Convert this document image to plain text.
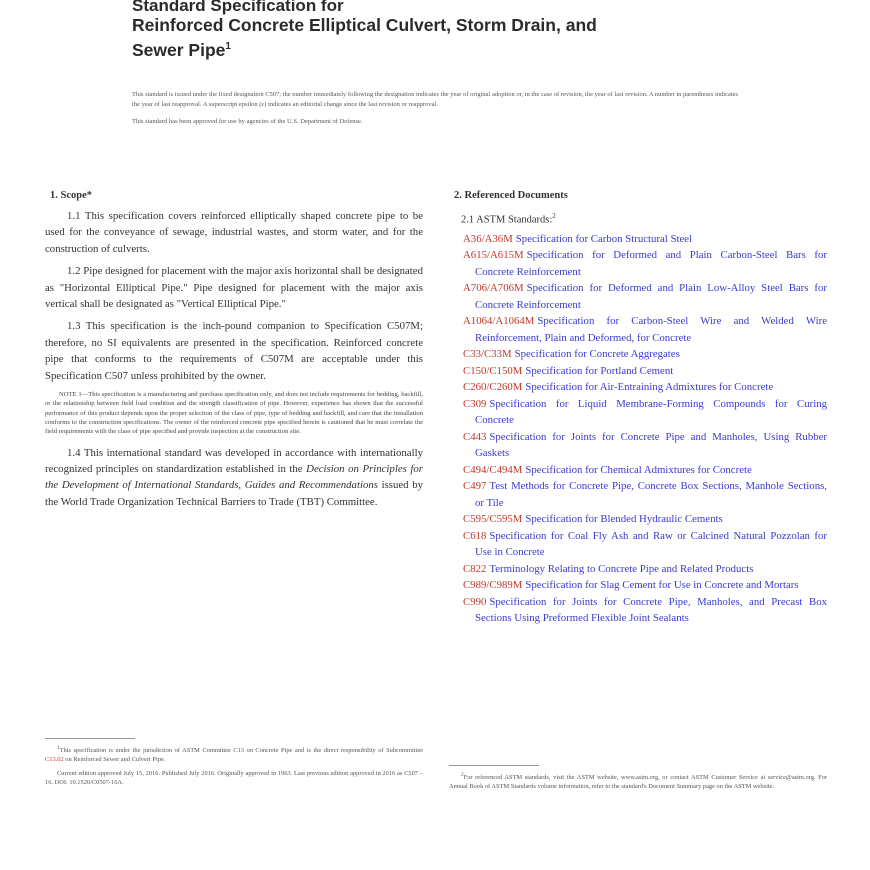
Standard Specification for
Reinforced Concrete Elliptical Culvert, Storm Drain, and
Sewer Pipe$^1$

This standard is issued under the fixed designation C507; the number immediately following the designation indicates the year of original adoption or, in the case of revision, the year of last revision. A number in parentheses indicates the year of last reapproval. A superscript epsilon (ε) indicates an editorial change since the last revision or reapproval.

This standard has been approved for use by agencies of the U.S. Department of Defense.

1. Scope*

1.1 This specification covers reinforced elliptically shaped concrete pipe to be used for the conveyance of sewage, industrial wastes, and storm water, and for the construction of culverts.

1.2 Pipe designed for placement with the major axis horizontal shall be designated as "Horizontal Elliptical Pipe." Pipe designed for placement with the major axis vertical shall be designated as "Vertical Elliptical Pipe."

1.3 This specification is the inch-pound companion to Specification C507M; therefore, no SI equivalents are presented in the specification. Reinforced concrete pipe that conforms to the requirements of C507M are acceptable under this Specification C507 unless prohibited by the owner.

NOTE 1—This specification is a manufacturing and purchase specification only, and does not include requirements for bedding, backfill, or the relationship between field load condition and the strength classification of pipe. However, experience has shown that the successful performance of this product depends upon the proper selection of the class of pipe, type of bedding and backfill, and care that the installation conforms to the construction specifications. The owner of the reinforced concrete pipe specified herein is cautioned that he must correlate the field requirements with the class of pipe specified and provide inspection at the construction site.

1.4 This international standard was developed in accordance with internationally recognized principles on standardization established in the Decision on Principles for the Development of International Standards, Guides and Recommendations issued by the World Trade Organization Technical Barriers to Trade (TBT) Committee.

2. Referenced Documents
2.1 ASTM Standards:$^2$

A36/A36M Specification for Carbon Structural Steel

A615/A615M Specification for Deformed and Plain Carbon-Steel Bars for Concrete Reinforcement

A706/A706M Specification for Deformed and Plain Low-Alloy Steel Bars for Concrete Reinforcement

A1064/A1064M Specification for Carbon-Steel Wire and Welded Wire Reinforcement, Plain and Deformed, for Concrete

C33/C33M Specification for Concrete Aggregates

C150/C150M Specification for Portland Cement

C260/C260M Specification for Air-Entraining Admixtures for Concrete

C309 Specification for Liquid Membrane-Forming Compounds for Curing Concrete

C443 Specification for Joints for Concrete Pipe and Manholes, Using Rubber Gaskets

C494/C494M Specification for Chemical Admixtures for Concrete

C497 Test Methods for Concrete Pipe, Concrete Box Sections, Manhole Sections, or Tile

C595/C595M Specification for Blended Hydraulic Cements

C618 Specification for Coal Fly Ash and Raw or Calcined Natural Pozzolan for Use in Concrete

C822 Terminology Relating to Concrete Pipe and Related Products

C989/C989M Specification for Slag Cement for Use in Concrete and Mortars

C990 Specification for Joints for Concrete Pipe, Manholes, and Precast Box Sections Using Preformed Flexible Joint Sealants

$^1$This specification is under the jurisdiction of ASTM Committee C13 on Concrete Pipe and is the direct responsibility of Subcommittee C13.02 on Reinforced Sewer and Culvert Pipe.

Current edition approved July 15, 2016. Published July 2016. Originally approved in 1963. Last previous edition approved in 2016 as C507 – 16. DOI: 10.1520/C0507-16A.

$^2$For referenced ASTM standards, visit the ASTM website, www.astm.org, or contact ASTM Customer Service at service@astm.org. For Annual Book of ASTM Standards volume information, refer to the standard's Document Summary page on the ASTM website.
